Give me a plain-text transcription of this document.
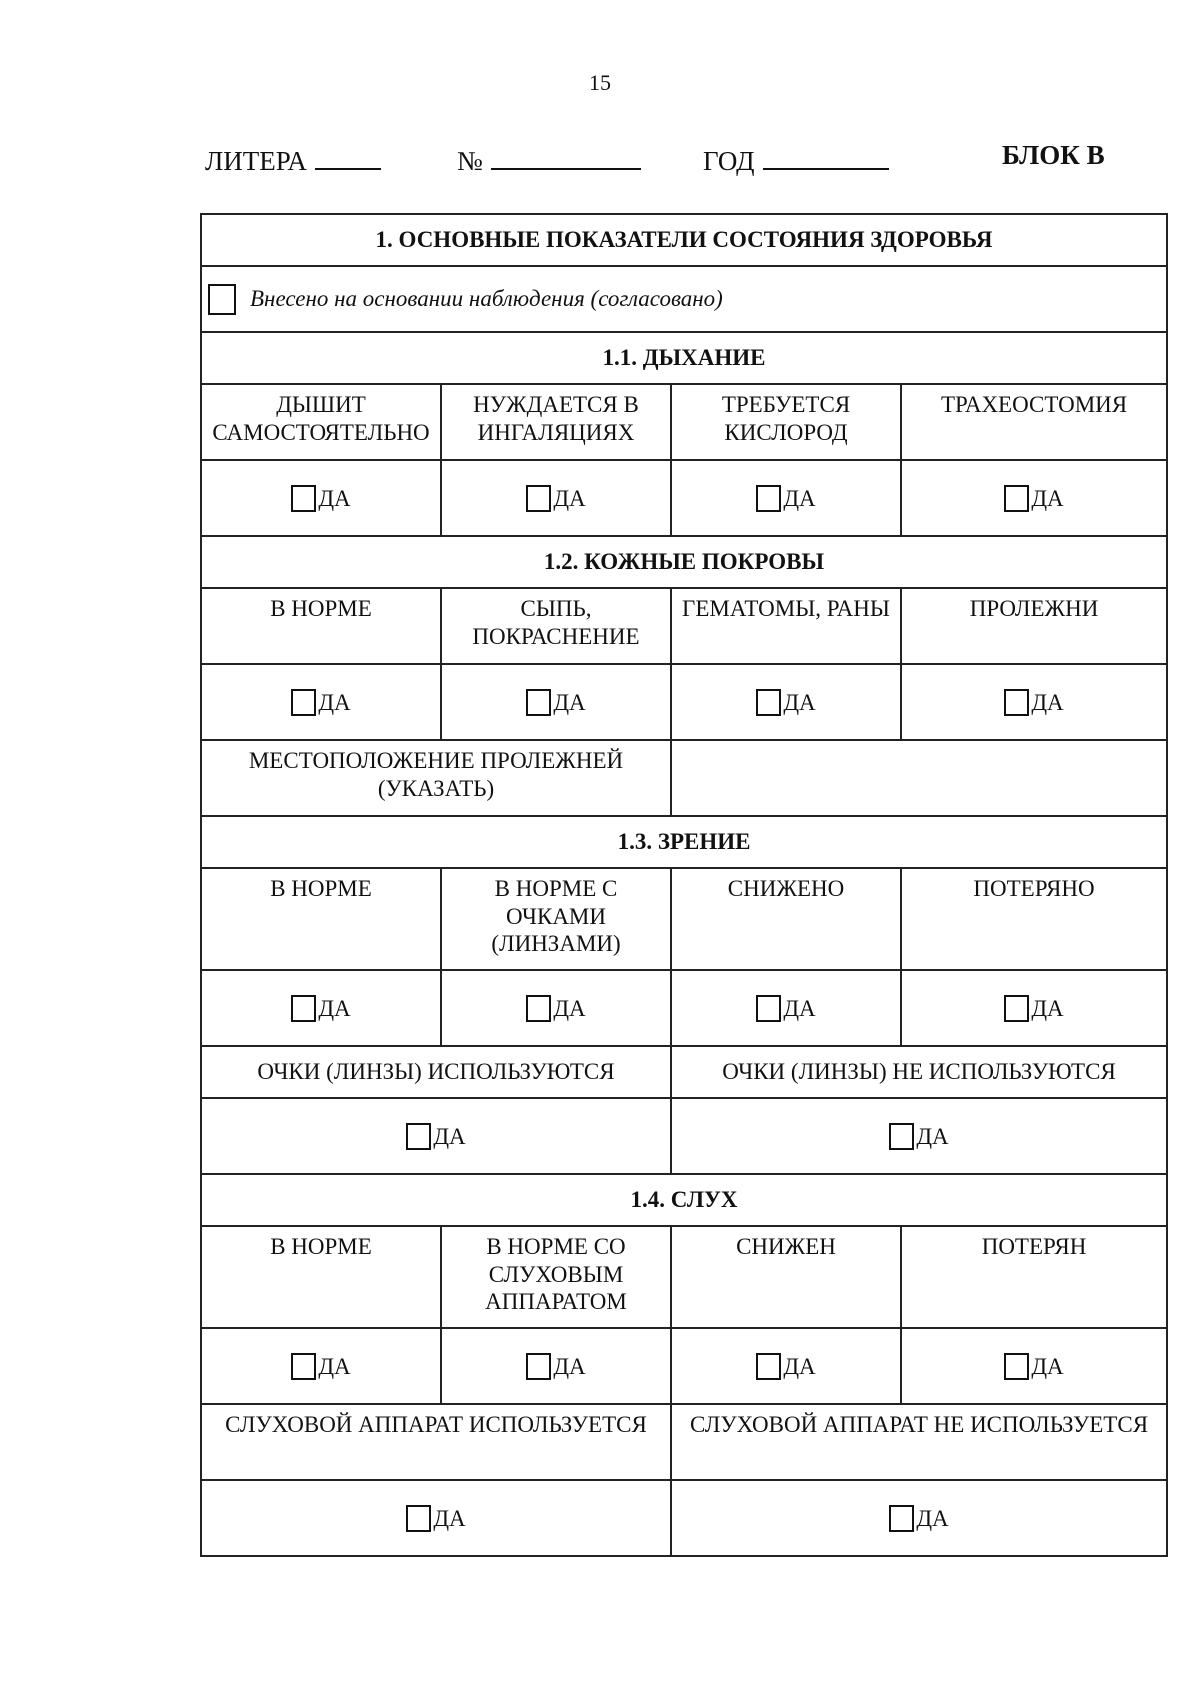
15
ЛИТЕРА	№	ГОД	БЛОК В
1. ОСНОВНЫЕ ПОКАЗАТЕЛИ СОСТОЯНИЯ ЗДОРОВЬЯ			
Внесено на основании наблюдения (согласовано)			
1.1. ДЫХАНИЕ			
ДЫШИТ САМОСТОЯТЕЛЬНО	НУЖДАЕТСЯ В ИНГАЛЯЦИЯХ	ТРЕБУЕТСЯ КИСЛОРОД	ТРАХЕОСТОМИЯ
ДА	ДА	ДА	ДА
1.2. КОЖНЫЕ ПОКРОВЫ			
В НОРМЕ	СЫПЬ, ПОКРАСНЕНИЕ	ГЕМАТОМЫ, РАНЫ	ПРОЛЕЖНИ
ДА	ДА	ДА	ДА
МЕСТОПОЛОЖЕНИЕ ПРОЛЕЖНЕЙ (УКАЗАТЬ)			
1.3. ЗРЕНИЕ			
В НОРМЕ	В НОРМЕ С ОЧКАМИ (ЛИНЗАМИ)	СНИЖЕНО	ПОТЕРЯНО
ДА	ДА	ДА	ДА
ОЧКИ (ЛИНЗЫ) ИСПОЛЬЗУЮТСЯ		ОЧКИ (ЛИНЗЫ) НЕ ИСПОЛЬЗУЮТСЯ	
ДА		ДА	
1.4. СЛУХ			
В НОРМЕ	В НОРМЕ СО СЛУХОВЫМ АППАРАТОМ	СНИЖЕН	ПОТЕРЯН
ДА	ДА	ДА	ДА
СЛУХОВОЙ АППАРАТ ИСПОЛЬЗУЕТСЯ		СЛУХОВОЙ АППАРАТ НЕ ИСПОЛЬЗУЕТСЯ	
ДА		ДА	
